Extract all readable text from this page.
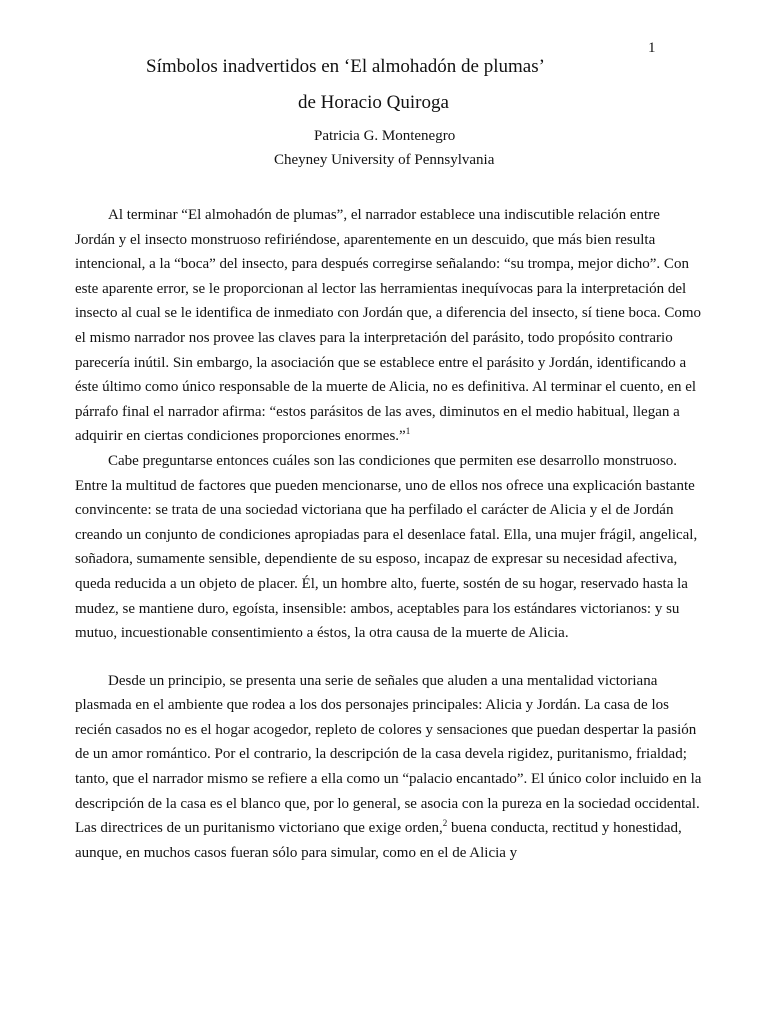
1
Símbolos inadvertidos en ‘El almohadón de plumas’
de Horacio Quiroga
Patricia G. Montenegro
Cheyney University of Pennsylvania

Al terminar “El almohadón de plumas”, el narrador establece una indiscutible relación entre Jordán y el insecto monstruoso refiriéndose, aparentemente en un descuido, que más bien resulta intencional, a la “boca” del insecto, para después corregirse señalando: “su trompa, mejor dicho”. Con este aparente error, se le proporcionan al lector las herramientas inequívocas para la interpretación del insecto al cual se le identifica de inmediato con Jordán que, a diferencia del insecto, sí tiene boca. Como el mismo narrador nos provee las claves para la interpretación del parásito, todo propósito contrario parecería inútil. Sin embargo, la asociación que se establece entre el parásito y Jordán, identificando a éste último como único responsable de la muerte de Alicia, no es definitiva. Al terminar el cuento, en el párrafo final el narrador afirma: “estos parásitos de las aves, diminutos en el medio habitual, llegan a adquirir en ciertas condiciones proporciones enormes.”$^1$

Cabe preguntarse entonces cuáles son las condiciones que permiten ese desarrollo monstruoso. Entre la multitud de factores que pueden mencionarse, uno de ellos nos ofrece una explicación bastante convincente: se trata de una sociedad victoriana que ha perfilado el carácter de Alicia y el de Jordán creando un conjunto de condiciones apropiadas para el desenlace fatal. Ella, una mujer frágil, angelical, soñadora, sumamente sensible, dependiente de su esposo, incapaz de expresar su necesidad afectiva, queda reducida a un objeto de placer. Él, un hombre alto, fuerte, sostén de su hogar, reservado hasta la mudez, se mantiene duro, egoísta, insensible: ambos, aceptables para los estándares victorianos: y su mutuo, incuestionable consentimiento a éstos, la otra causa de la muerte de Alicia.

Desde un principio, se presenta una serie de señales que aluden a una mentalidad victoriana plasmada en el ambiente que rodea a los dos personajes principales: Alicia y Jordán. La casa de los recién casados no es el hogar acogedor, repleto de colores y sensaciones que puedan despertar la pasión de un amor romántico. Por el contrario, la descripción de la casa devela rigidez, puritanismo, frialdad; tanto, que el narrador mismo se refiere a ella como un “palacio encantado”. El único color incluido en la descripción de la casa es el blanco que, por lo general, se asocia con la pureza en la sociedad occidental. Las directrices de un puritanismo victoriano que exige orden,$^2$ buena conducta, rectitud y honestidad, aunque, en muchos casos fueran sólo para simular, como en el de Alicia y
